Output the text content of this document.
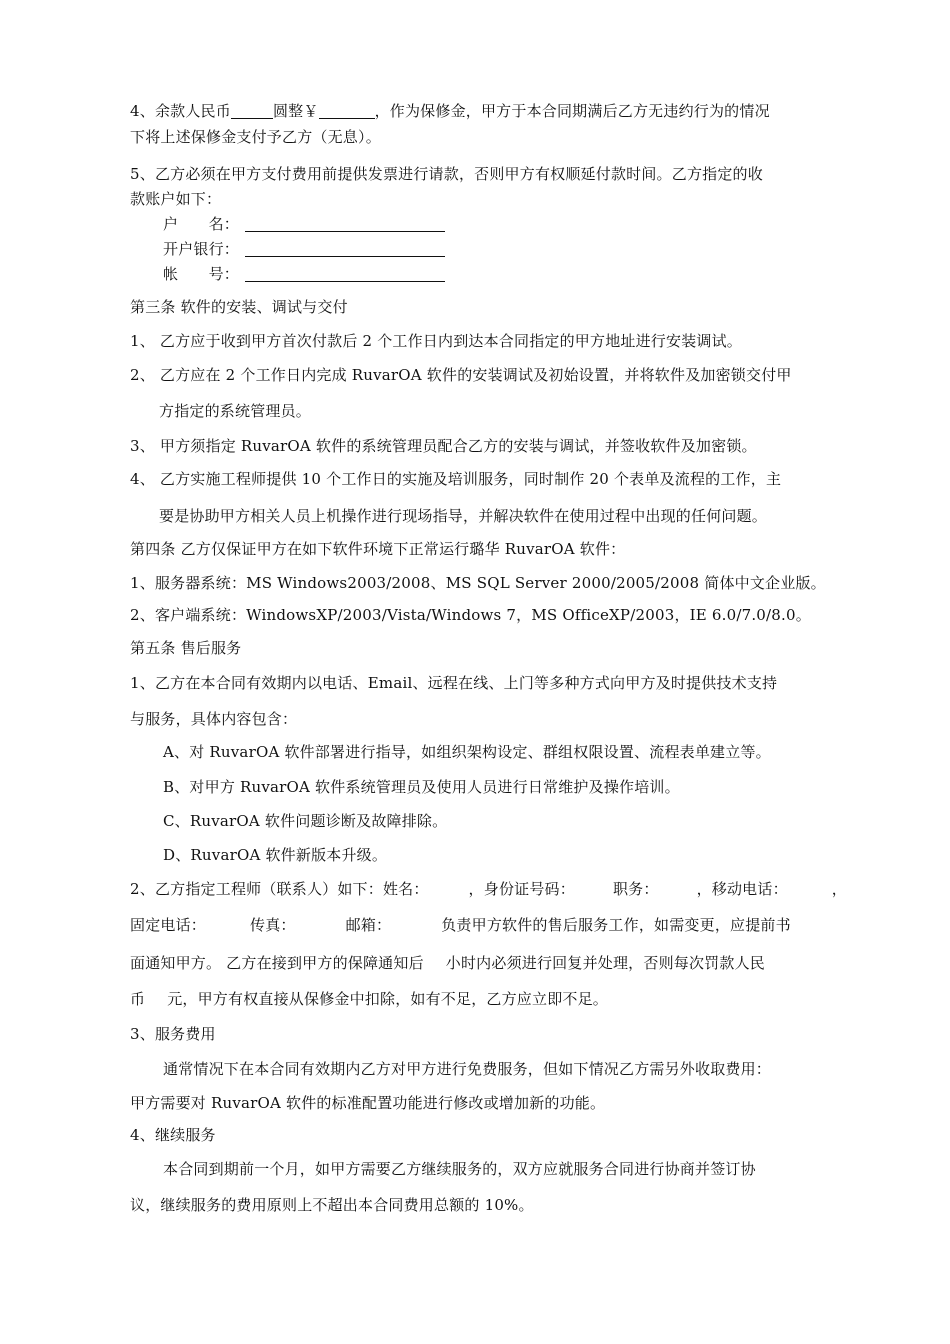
4、余款人民币	圆整￥	，作为保修金，甲方于本合同期满后乙方无违约行为的情况
下将上述保修金支付予乙方（无息）。
5、乙方必须在甲方支付费用前提供发票进行请款，否则甲方有权顺延付款时间。乙方指定的收
款账户如下：
户　　名：
开户银行：
帐　　号：
第三条 软件的安装、调试与交付
1、 乙方应于收到甲方首次付款后 2 个工作日内到达本合同指定的甲方地址进行安装调试。
2、 乙方应在 2 个工作日内完成 RuvarOA 软件的安装调试及初始设置，并将软件及加密锁交付甲
方指定的系统管理员。
3、 甲方须指定 RuvarOA 软件的系统管理员配合乙方的安装与调试，并签收软件及加密锁。
4、 乙方实施工程师提供 10 个工作日的实施及培训服务，同时制作 20 个表单及流程的工作，主
要是协助甲方相关人员上机操作进行现场指导，并解决软件在使用过程中出现的任何问题。
第四条 乙方仅保证甲方在如下软件环境下正常运行璐华 RuvarOA 软件：
1、服务器系统：MS Windows2003/2008、MS SQL Server 2000/2005/2008 简体中文企业版。
2、客户端系统：WindowsXP/2003/Vista/Windows 7，MS OfficeXP/2003，IE 6.0/7.0/8.0。
第五条 售后服务
1、乙方在本合同有效期内以电话、Email、远程在线、上门等多种方式向甲方及时提供技术支持
与服务，具体内容包含：
A、对 RuvarOA 软件部署进行指导，如组织架构设定、群组权限设置、流程表单建立等。
B、对甲方 RuvarOA 软件系统管理员及使用人员进行日常维护及操作培训。
C、RuvarOA 软件问题诊断及故障排除。
D、RuvarOA 软件新版本升级。
2、乙方指定工程师（联系人）如下：姓名：	，身份证号码：	职务：	，移动电话：	，
固定电话：	传真：	邮箱：	负责甲方软件的售后服务工作，如需变更，应提前书
面通知甲方。 乙方在接到甲方的保障通知后 小时内必须进行回复并处理，否则每次罚款人民
币 元，甲方有权直接从保修金中扣除，如有不足，乙方应立即不足。
3、服务费用
通常情况下在本合同有效期内乙方对甲方进行免费服务，但如下情况乙方需另外收取费用：
甲方需要对 RuvarOA 软件的标准配置功能进行修改或增加新的功能。
4、继续服务
本合同到期前一个月，如甲方需要乙方继续服务的，双方应就服务合同进行协商并签订协
议，继续服务的费用原则上不超出本合同费用总额的 10%。
